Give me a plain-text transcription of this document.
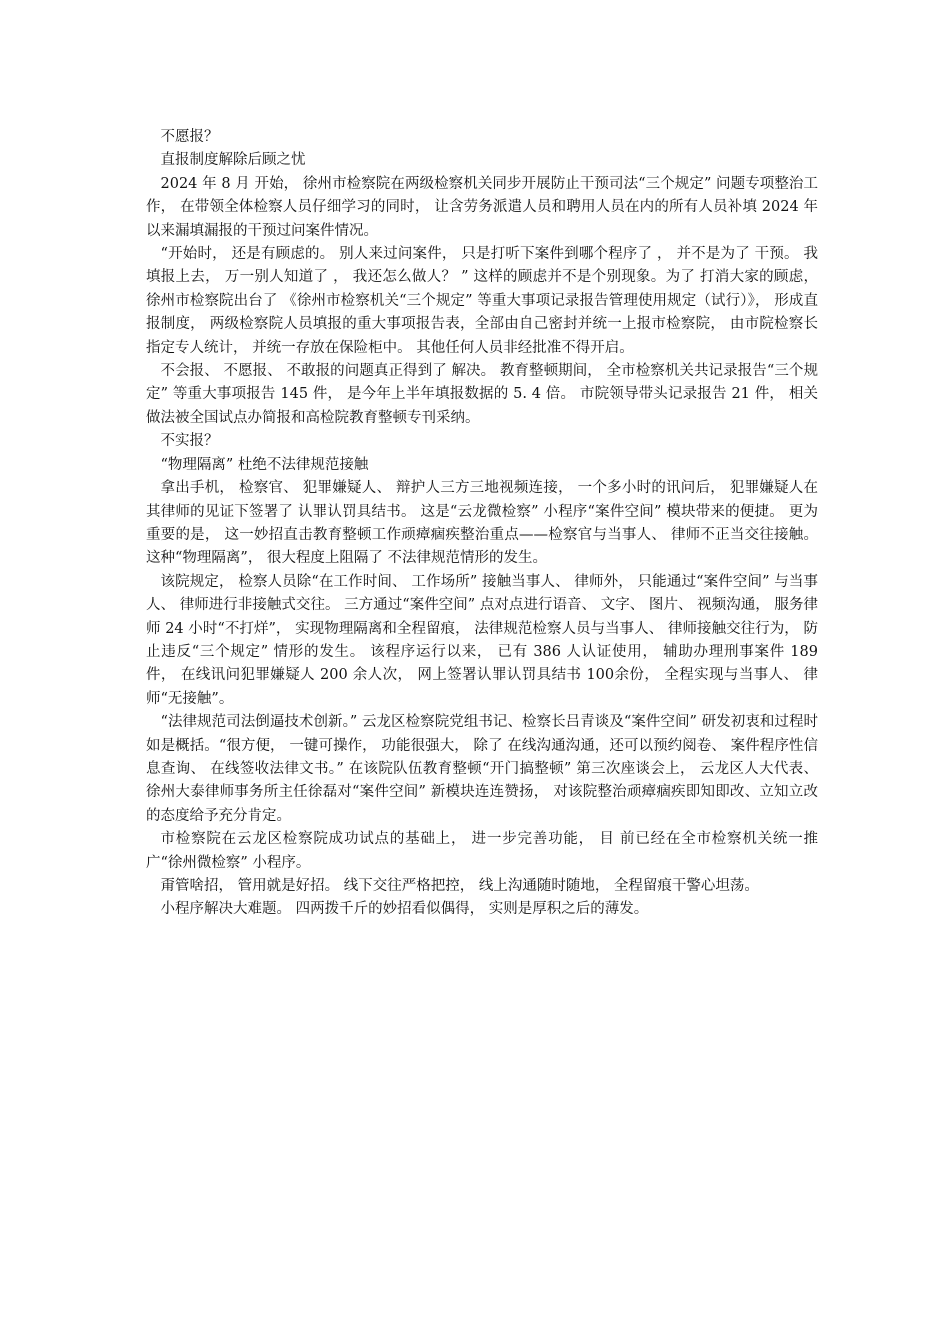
不愿报？

直报制度解除后顾之忧

2024 年 8 月 开始， 徐州市检察院在两级检察机关同步开展防止干预司法“三个规定” 问题专项整治工作， 在带领全体检察人员仔细学习的同时， 让含劳务派遣人员和聘用人员在内的所有人员补填 2024 年以来漏填漏报的干预过问案件情况。

“开始时， 还是有顾虑的。 别人来过问案件， 只是打听下案件到哪个程序了 ， 并不是为了 干预。 我填报上去， 万一别人知道了 ， 我还怎么做人？ ” 这样的顾虑并不是个别现象。为了 打消大家的顾虑， 徐州市检察院出台了 《徐州市检察机关“三个规定” 等重大事项记录报告管理使用规定（试行）》， 形成直报制度， 两级检察院人员填报的重大事项报告表，全部由自己密封并统一上报市检察院， 由市院检察长指定专人统计， 并统一存放在保险柜中。 其他任何人员非经批准不得开启。

不会报、 不愿报、 不敢报的问题真正得到了 解决。 教育整顿期间， 全市检察机关共记录报告“三个规定” 等重大事项报告 145 件， 是今年上半年填报数据的 5. 4 倍。 市院领导带头记录报告 21 件， 相关做法被全国试点办简报和高检院教育整顿专刊采纳。

不实报？

“物理隔离” 杜绝不法律规范接触

拿出手机， 检察官、 犯罪嫌疑人、 辩护人三方三地视频连接， 一个多小时的讯问后， 犯罪嫌疑人在其律师的见证下签署了 认罪认罚具结书。 这是“云龙微检察” 小程序“案件空间” 模块带来的便捷。 更为重要的是， 这一妙招直击教育整顿工作顽瘴痼疾整治重点——检察官与当事人、 律师不正当交往接触。 这种“物理隔离”， 很大程度上阻隔了 不法律规范情形的发生。

该院规定， 检察人员除“在工作时间、 工作场所” 接触当事人、 律师外， 只能通过“案件空间” 与当事人、 律师进行非接触式交往。 三方通过“案件空间” 点对点进行语音、 文字、 图片、 视频沟通， 服务律师 24 小时“不打烊”， 实现物理隔离和全程留痕， 法律规范检察人员与当事人、 律师接触交往行为， 防止违反“三个规定” 情形的发生。 该程序运行以来， 已有 386 人认证使用， 辅助办理刑事案件 189 件， 在线讯问犯罪嫌疑人 200 余人次， 网上签署认罪认罚具结书 100余份， 全程实现与当事人、 律师“无接触”。

“法律规范司法倒逼技术创新。” 云龙区检察院党组书记、检察长吕青谈及“案件空间” 研发初衷和过程时如是概括。“很方便， 一键可操作， 功能很强大， 除了 在线沟通沟通，还可以预约阅卷、 案件程序性信息查询、 在线签收法律文书。” 在该院队伍教育整顿“开门搞整顿” 第三次座谈会上， 云龙区人大代表、 徐州大泰律师事务所主任徐磊对“案件空间” 新模块连连赞扬， 对该院整治顽瘴痼疾即知即改、立知立改的态度给予充分肯定。

市检察院在云龙区检察院成功试点的基础上， 进一步完善功能， 目 前已经在全市检察机关统一推广“徐州微检察” 小程序。

甭管啥招， 管用就是好招。 线下交往严格把控， 线上沟通随时随地， 全程留痕干警心坦荡。

小程序解决大难题。 四两拨千斤的妙招看似偶得， 实则是厚积之后的薄发。
